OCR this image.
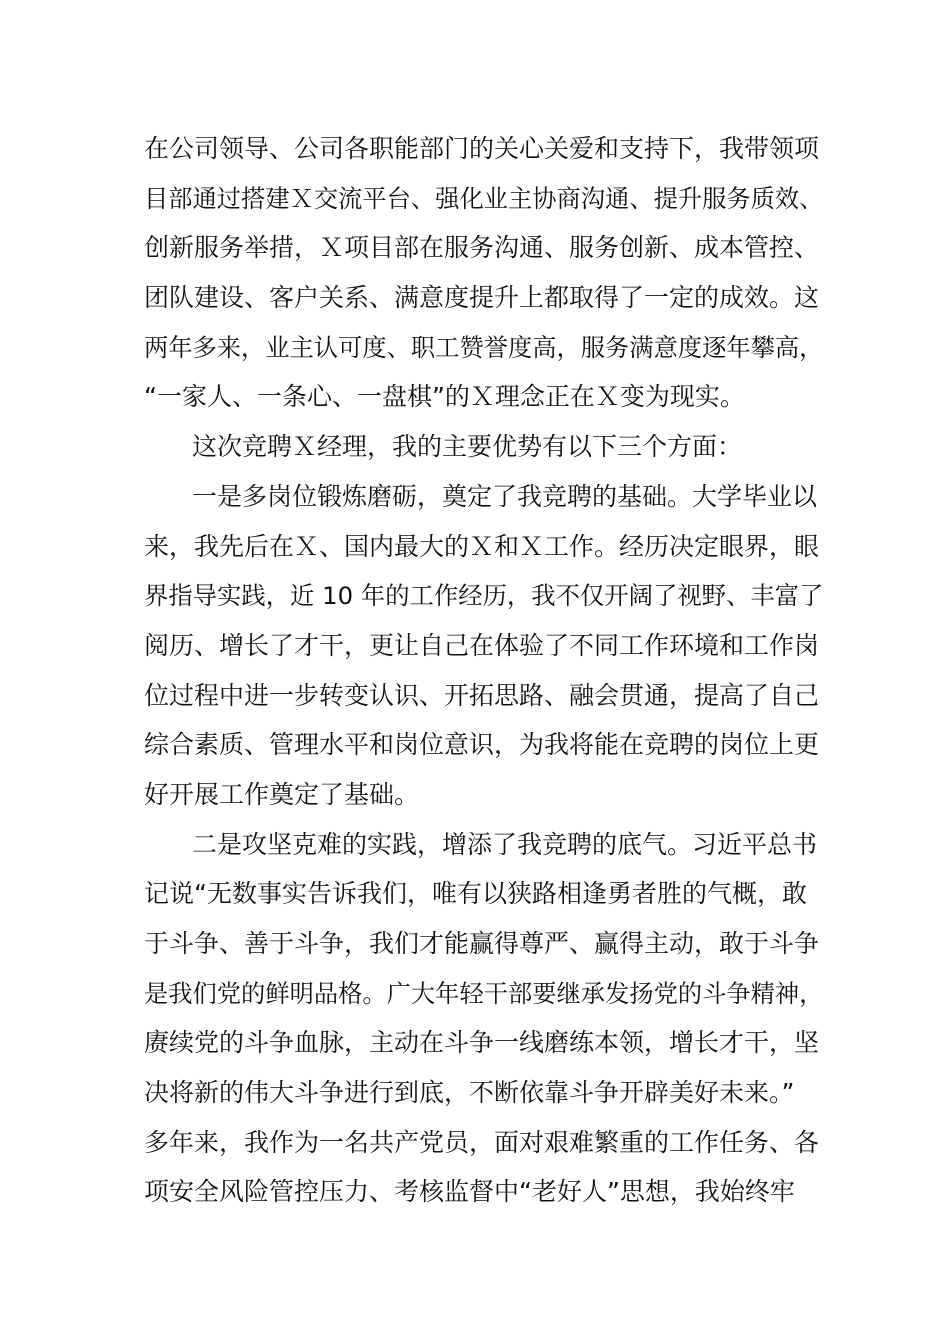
在公司领导、公司各职能部门的关心关爱和支持下，我带领项
目部通过搭建Ｘ交流平台、强化业主协商沟通、提升服务质效、
创新服务举措，Ｘ项目部在服务沟通、服务创新、成本管控、
团队建设、客户关系、满意度提升上都取得了一定的成效。这
两年多来，业主认可度、职工赞誉度高，服务满意度逐年攀高，
“一家人、一条心、一盘棋”的Ｘ理念正在Ｘ变为现实。
这次竞聘Ｘ经理，我的主要优势有以下三个方面：
一是多岗位锻炼磨砺，奠定了我竞聘的基础。大学毕业以
来，我先后在Ｘ、国内最大的Ｘ和Ｘ工作。经历决定眼界，眼
界指导实践，近 10 年的工作经历，我不仅开阔了视野、丰富了
阅历、增长了才干，更让自己在体验了不同工作环境和工作岗
位过程中进一步转变认识、开拓思路、融会贯通，提高了自己
综合素质、管理水平和岗位意识，为我将能在竞聘的岗位上更
好开展工作奠定了基础。
二是攻坚克难的实践，增添了我竞聘的底气。习近平总书
记说“无数事实告诉我们，唯有以狭路相逢勇者胜的气概，敢
于斗争、善于斗争，我们才能赢得尊严、赢得主动，敢于斗争
是我们党的鲜明品格。广大年轻干部要继承发扬党的斗争精神，
赓续党的斗争血脉，主动在斗争一线磨练本领，增长才干，坚
决将新的伟大斗争进行到底，不断依靠斗争开辟美好未来。”
多年来，我作为一名共产党员，面对艰难繁重的工作任务、各
项安全风险管控压力、考核监督中“老好人”思想，我始终牢
